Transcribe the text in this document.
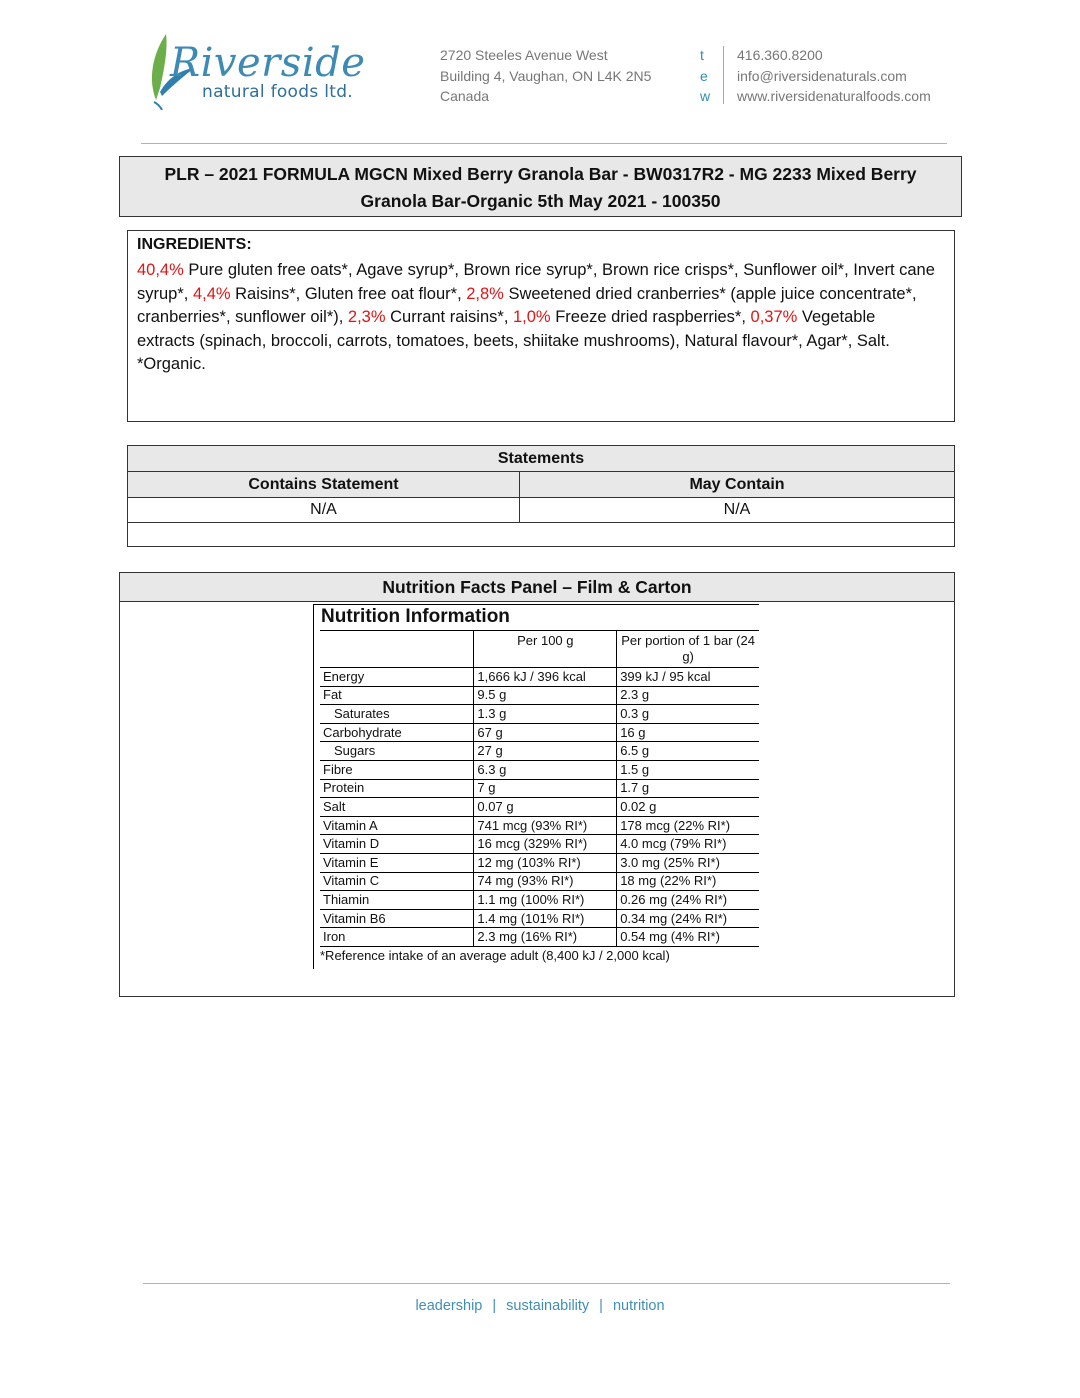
Riverside
natural foods ltd.
2720 Steeles Avenue West
Building 4, Vaughan, ON L4K 2N5
Canada
t
e
w
416.360.8200
info@riversidenaturals.com
www.riversidenaturalfoods.com
PLR – 2021 FORMULA MGCN Mixed Berry Granola Bar - BW0317R2 - MG 2233 Mixed Berry Granola Bar-Organic 5th May 2021 - 100350
INGREDIENTS:
40,4% Pure gluten free oats*, Agave syrup*, Brown rice syrup*, Brown rice crisps*, Sunflower oil*, Invert cane syrup*, 4,4% Raisins*, Gluten free oat flour*, 2,8% Sweetened dried cranberries* (apple juice concentrate*, cranberries*, sunflower oil*), 2,3% Currant raisins*, 1,0% Freeze dried raspberries*, 0,37% Vegetable extracts (spinach, broccoli, carrots, tomatoes, beets, shiitake mushrooms), Natural flavour*, Agar*, Salt.
*Organic.
Statements
Contains Statement	May Contain
N/A	N/A
Nutrition Facts Panel – Film & Carton
Nutrition Information
	Per 100 g	Per portion of 1 bar (24 g)
Energy	1,666 kJ / 396 kcal	399 kJ / 95 kcal
Fat	9.5 g	2.3 g
Saturates	1.3 g	0.3 g
Carbohydrate	67 g	16 g
Sugars	27 g	6.5 g
Fibre	6.3 g	1.5 g
Protein	7 g	1.7 g
Salt	0.07 g	0.02 g
Vitamin A	741 mcg (93% RI*)	178 mcg (22% RI*)
Vitamin D	16 mcg (329% RI*)	4.0 mcg (79% RI*)
Vitamin E	12 mg (103% RI*)	3.0 mg (25% RI*)
Vitamin C	74 mg (93% RI*)	18 mg (22% RI*)
Thiamin	1.1 mg (100% RI*)	0.26 mg (24% RI*)
Vitamin B6	1.4 mg (101% RI*)	0.34 mg (24% RI*)
Iron	2.3 mg (16% RI*)	0.54 mg (4% RI*)
*Reference intake of an average adult (8,400 kJ / 2,000 kcal)
leadership | sustainability | nutrition
